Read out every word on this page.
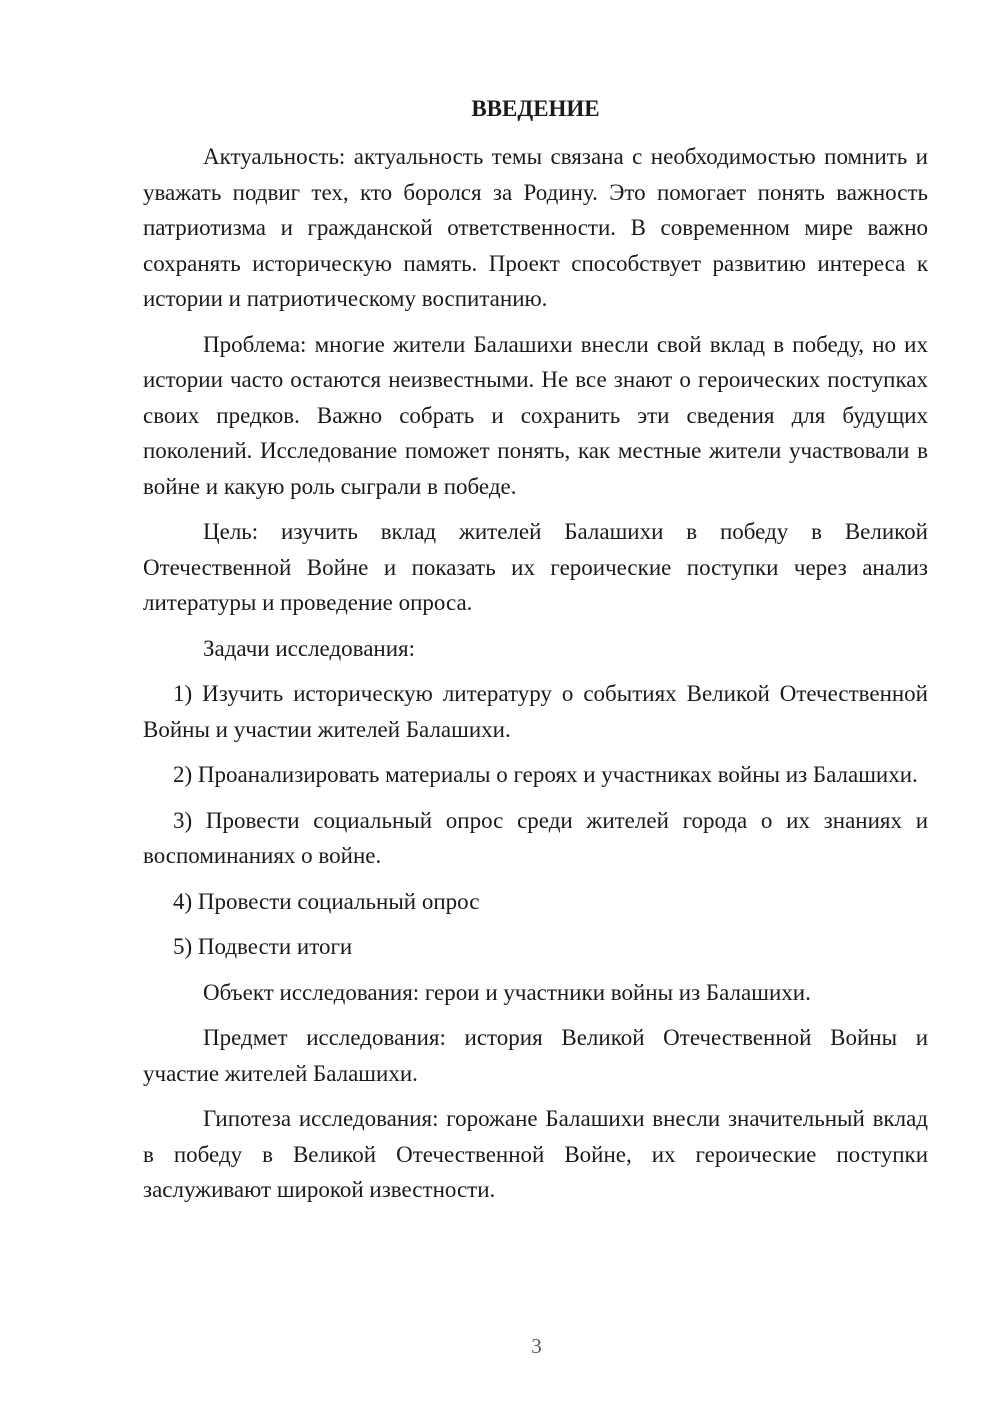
ВВЕДЕНИЕ

Актуальность: актуальность темы связана с необходимостью помнить и уважать подвиг тех, кто боролся за Родину. Это помогает понять важность патриотизма и гражданской ответственности. В современном мире важно сохранять историческую память. Проект способствует развитию интереса к истории и патриотическому воспитанию.

Проблема: многие жители Балашихи внесли свой вклад в победу, но их истории часто остаются неизвестными. Не все знают о героических поступках своих предков. Важно собрать и сохранить эти сведения для будущих поколений. Исследование поможет понять, как местные жители участвовали в войне и какую роль сыграли в победе.

Цель: изучить вклад жителей Балашихи в победу в Великой Отечественной Войне и показать их героические поступки через анализ литературы и проведение опроса.

Задачи исследования:

1) Изучить историческую литературу о событиях Великой Отечественной Войны и участии жителей Балашихи.

2) Проанализировать материалы о героях и участниках войны из Балашихи.

3) Провести социальный опрос среди жителей города о их знаниях и воспоминаниях о войне.

4) Провести социальный опрос

5) Подвести итоги

Объект исследования: герои и участники войны из Балашихи.

Предмет исследования: история Великой Отечественной Войны и участие жителей Балашихи.

Гипотеза исследования: горожане Балашихи внесли значительный вклад в победу в Великой Отечественной Войне, их героические поступки заслуживают широкой известности.

3
